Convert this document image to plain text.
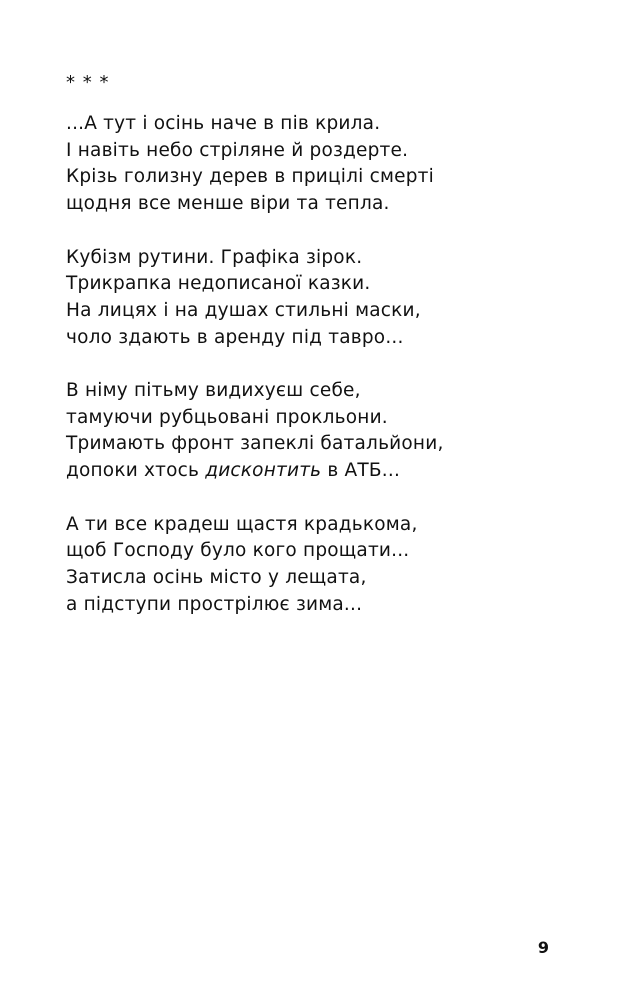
* * *
...А тут і осінь наче в пів крила.
І навіть небо стріляне й роздерте.
Крізь голизну дерев в прицілі смерті
щодня все менше віри та тепла.
Кубізм рутини. Графіка зірок.
Трикрапка недописаної казки.
На лицях і на душах стильні маски,
чоло здають в аренду під тавро...
В німу пітьму видихуєш себе,
тамуючи рубцьовані прокльони.
Тримають фронт запеклі батальйони,
допоки хтось дисконтить в АТБ...
А ти все крадеш щастя крадькома,
щоб Господу було кого прощати...
Затисла осінь місто у лещата,
а підступи прострілює зима...
9
